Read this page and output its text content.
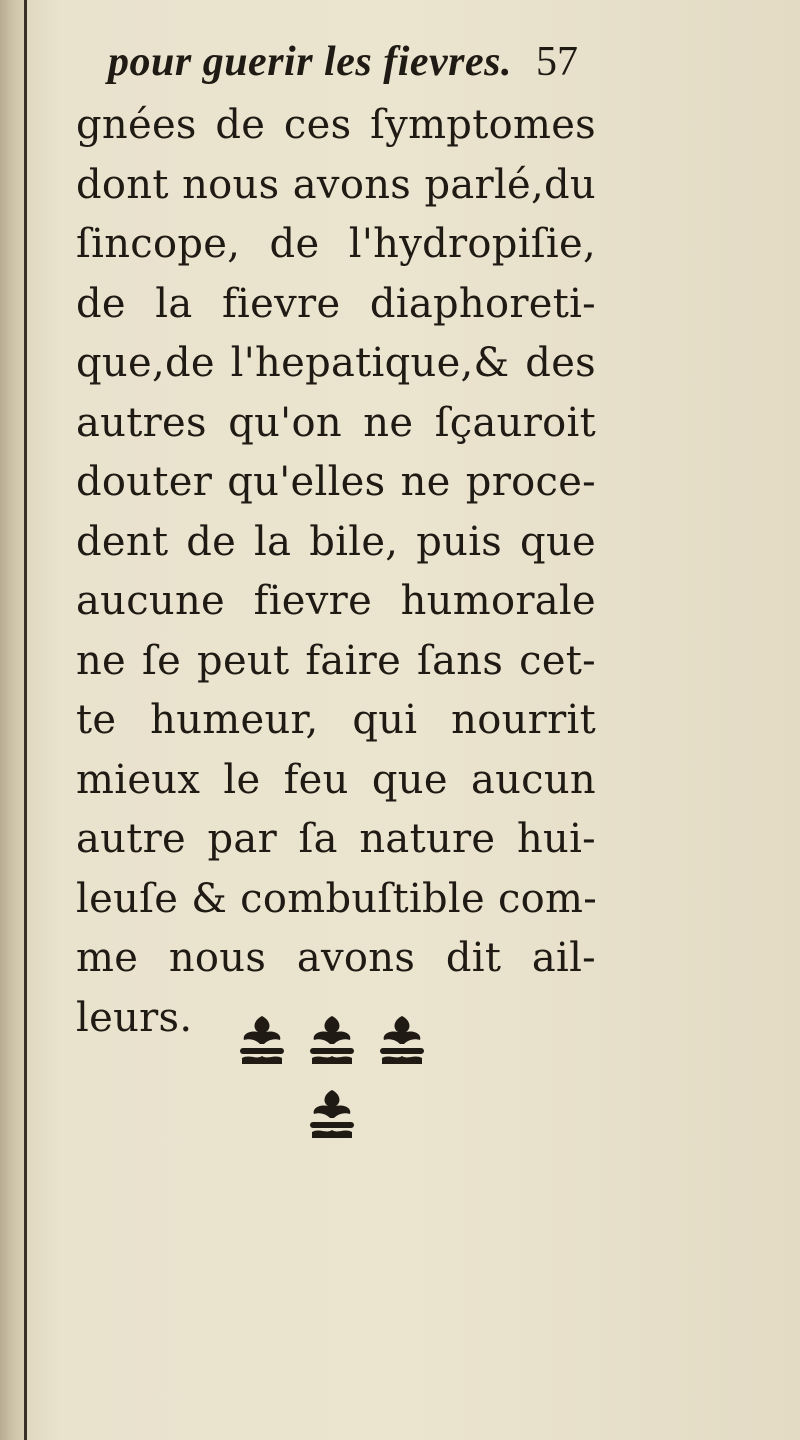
pour guerir les fievres. 57
gnées de ces ſymptomes
dont nous avons parlé,du
ſincope, de l'hydropiſie,
de la fievre diaphoreti-
que,de l'hepatique,& des
autres qu'on ne ſçauroit
douter qu'elles ne proce-
dent de la bile, puis que
aucune fievre humorale
ne ſe peut faire ſans cet-
te humeur, qui nourrit
mieux le feu que aucun
autre par ſa nature hui-
leuſe & combuſtible com-
me nous avons dit ail-
leurs.
